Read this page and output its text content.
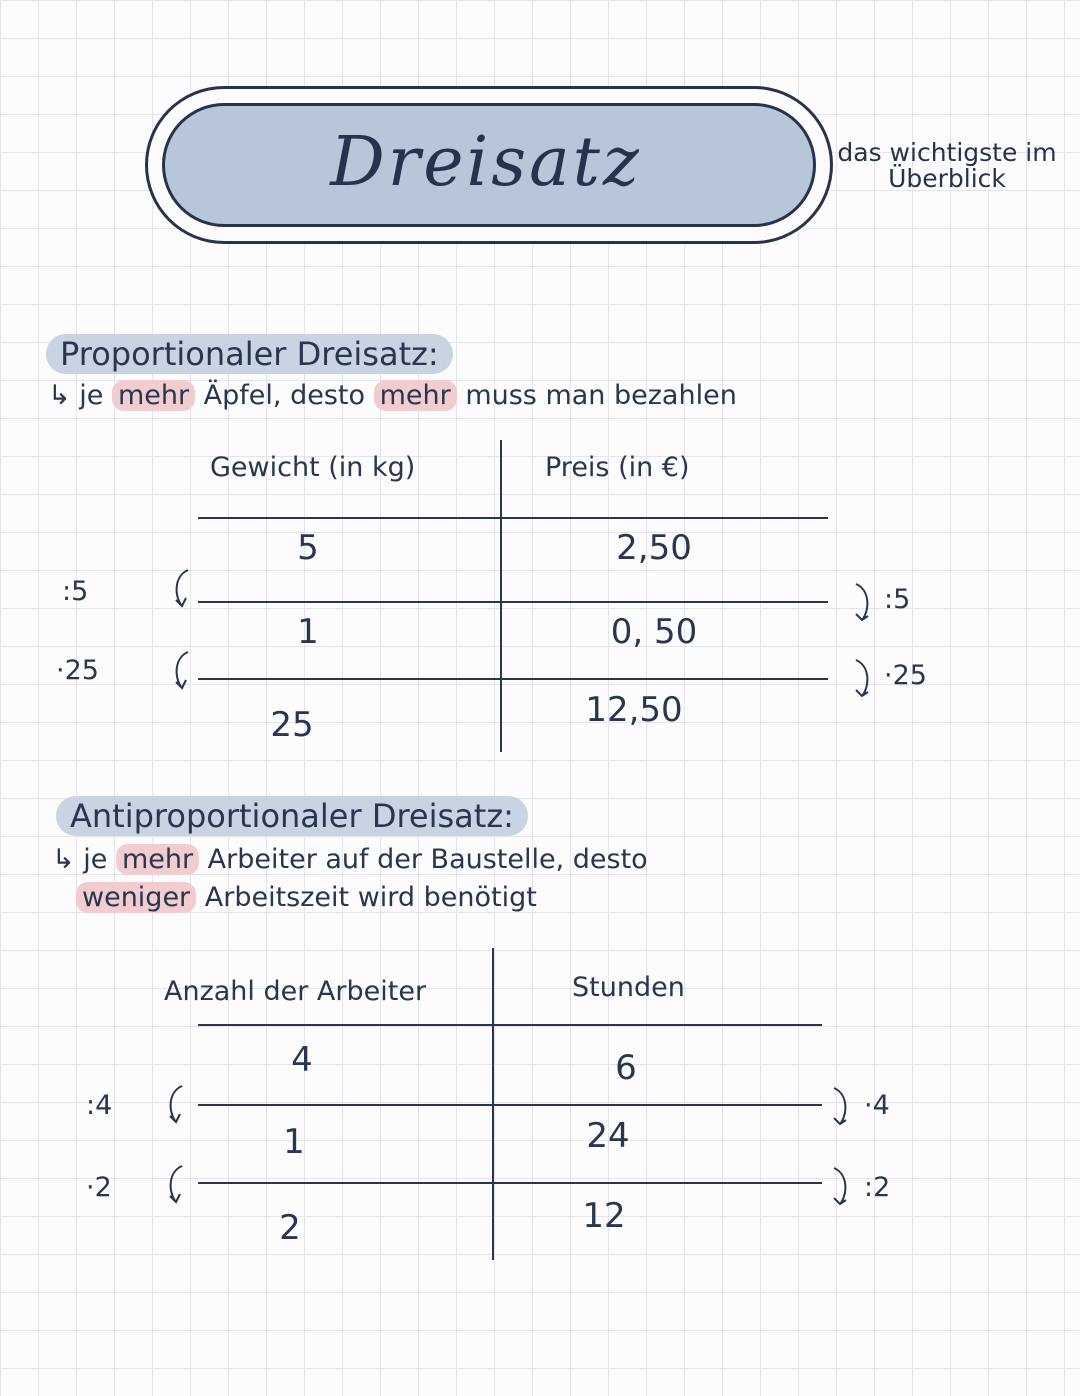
Dreisatz	das wichtigste im Überblick
Proportionaler Dreisatz:
↳ je mehr Äpfel, desto mehr muss man bezahlen
Gewicht (in kg)	Preis (in €)
5	2,50
1	0, 50
25	12,50
:5
·25
:5
·25
Antiproportionaler Dreisatz:
↳ je mehr Arbeiter auf der Baustelle, desto
weniger Arbeitszeit wird benötigt
Anzahl der Arbeiter	Stunden
4	6
1	24
2	12
:4
·2
·4
:2
